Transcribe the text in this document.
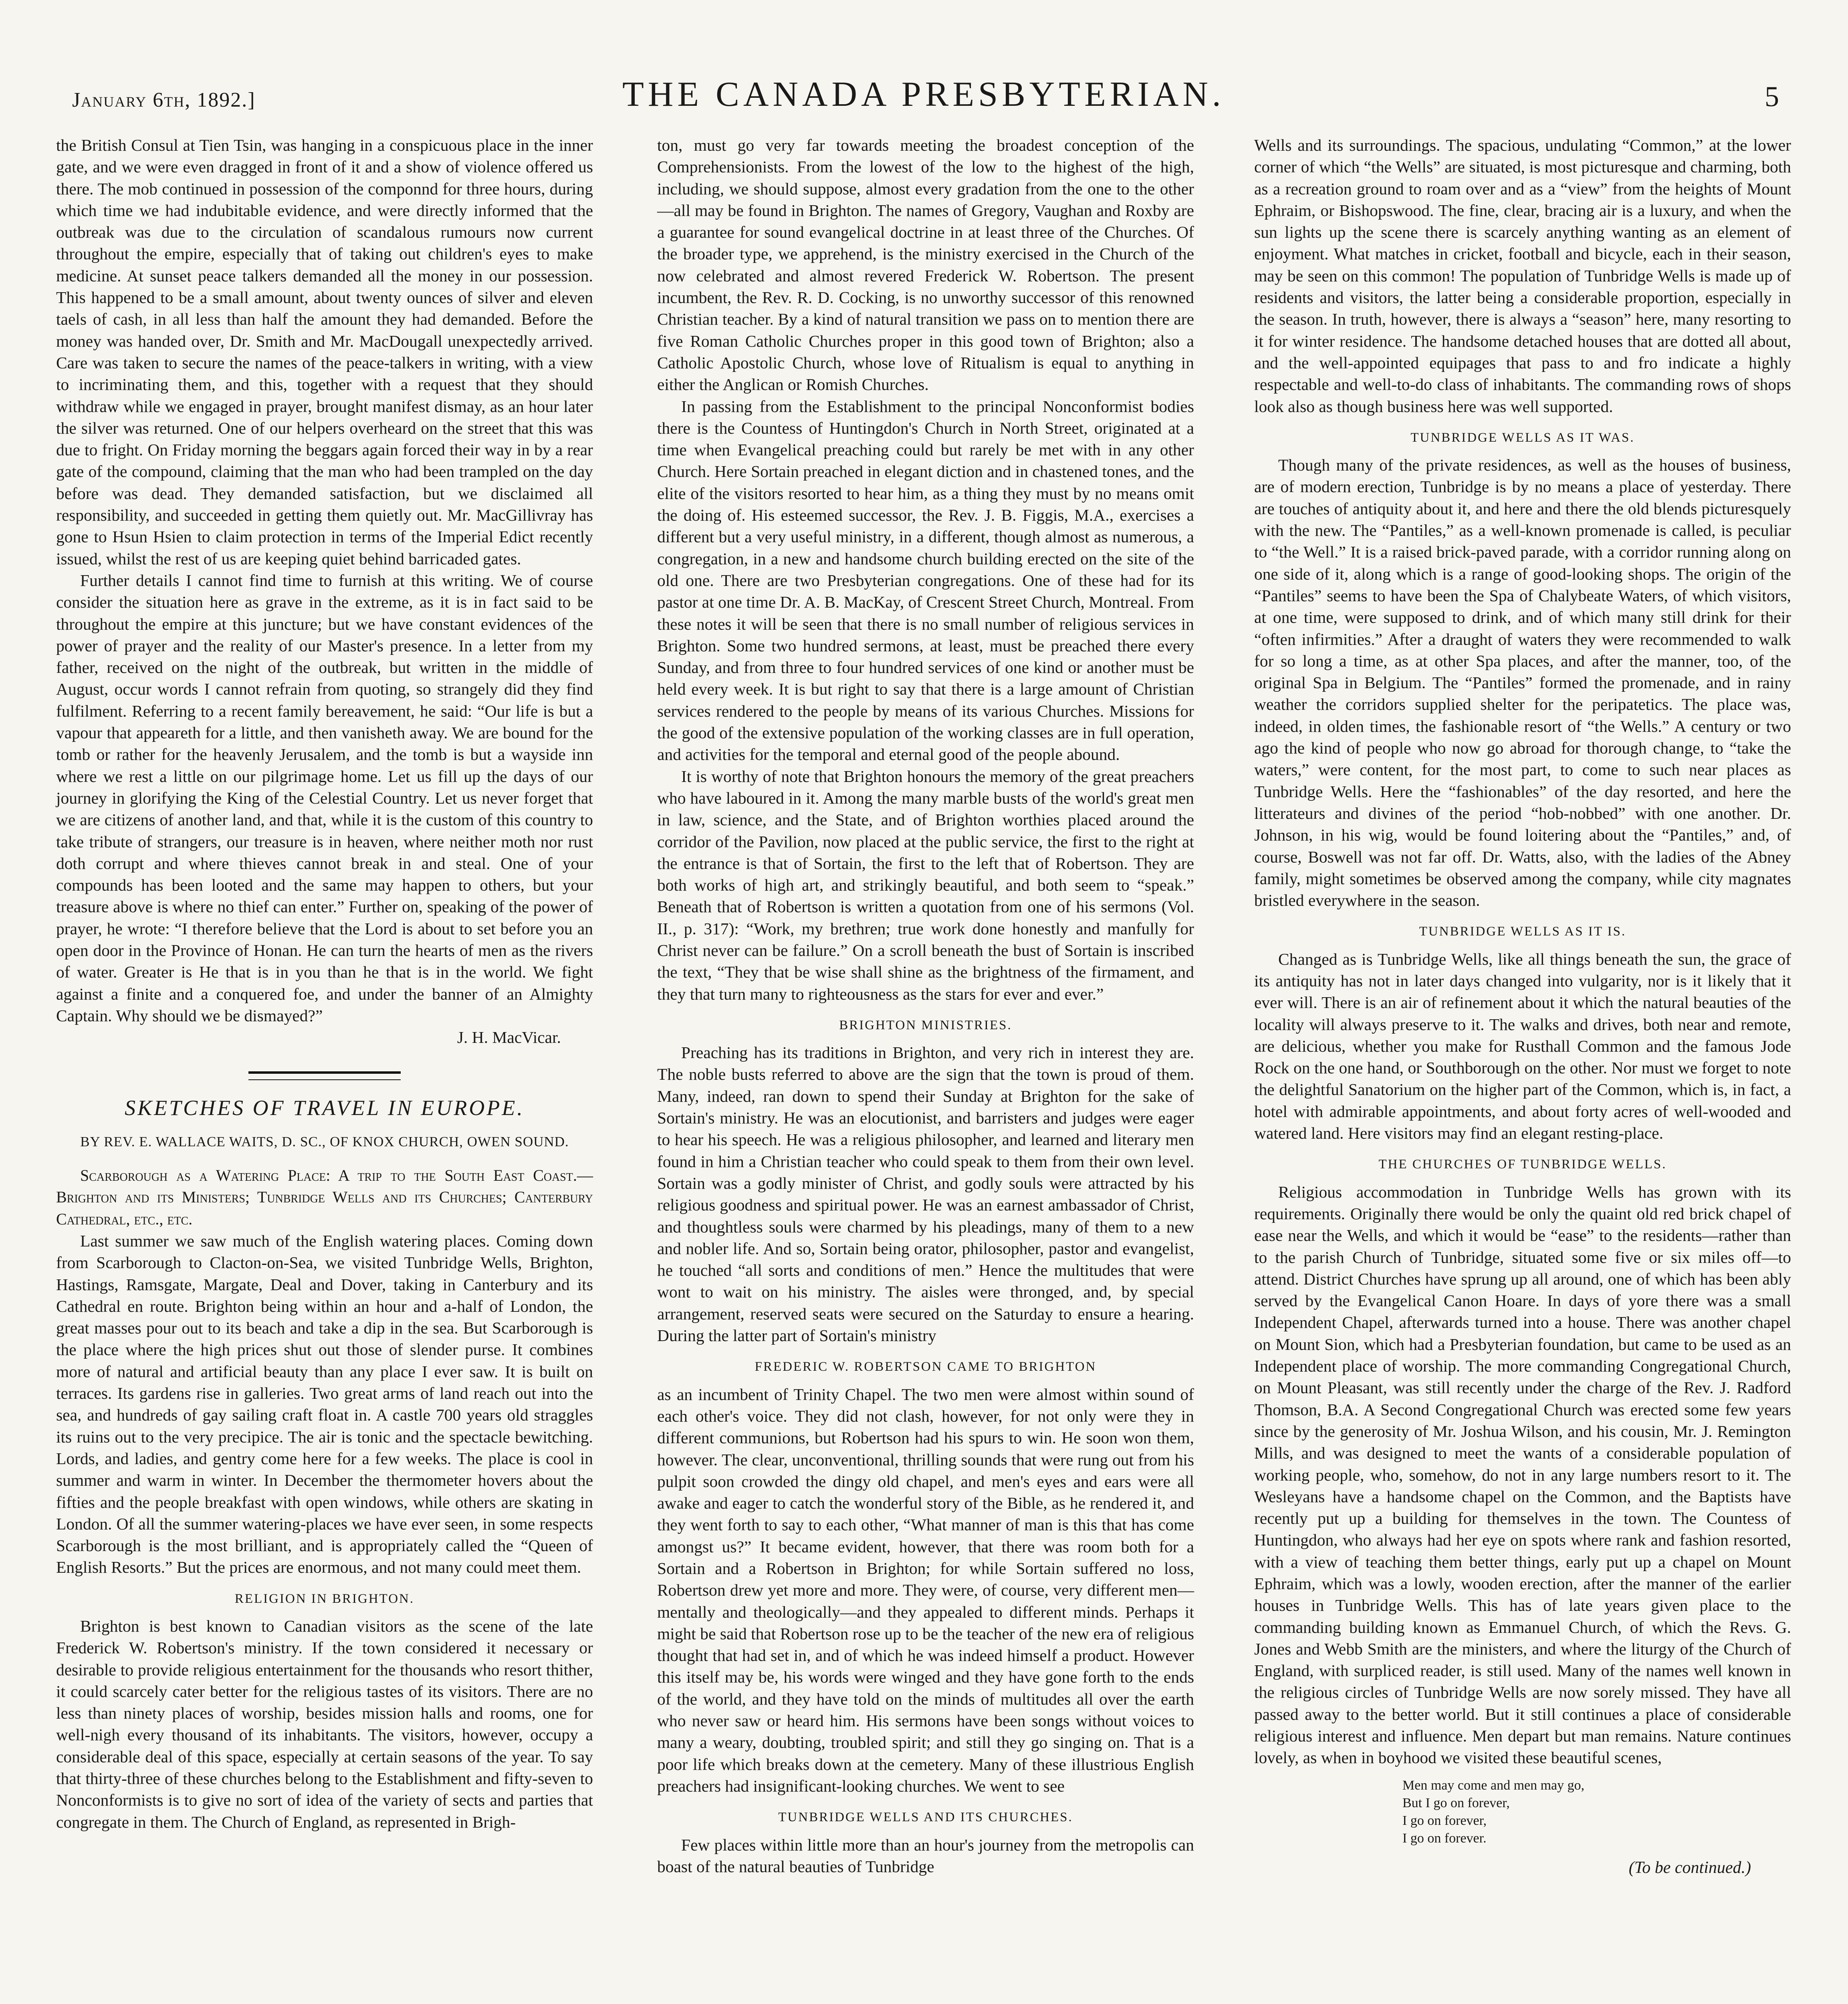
January 6th, 1892.]	THE CANADA PRESBYTERIAN.	5

the British Consul at Tien Tsin, was hanging in a conspicuous place in the inner gate, and we were even dragged in front of it and a show of violence offered us there. The mob continued in possession of the componnd for three hours, during which time we had indubitable evidence, and were directly informed that the outbreak was due to the circulation of scandalous rumours now current throughout the empire, especially that of taking out children's eyes to make medicine. At sunset peace talkers demanded all the money in our possession. This happened to be a small amount, about twenty ounces of silver and eleven taels of cash, in all less than half the amount they had demanded. Before the money was handed over, Dr. Smith and Mr. MacDougall unexpectedly arrived. Care was taken to secure the names of the peace-talkers in writing, with a view to incriminating them, and this, together with a request that they should withdraw while we engaged in prayer, brought manifest dismay, as an hour later the silver was returned. One of our helpers overheard on the street that this was due to fright. On Friday morning the beggars again forced their way in by a rear gate of the compound, claiming that the man who had been trampled on the day before was dead. They demanded satisfaction, but we disclaimed all responsibility, and succeeded in getting them quietly out. Mr. MacGillivray has gone to Hsun Hsien to claim protection in terms of the Imperial Edict recently issued, whilst the rest of us are keeping quiet behind barricaded gates.

Further details I cannot find time to furnish at this writing. We of course consider the situation here as grave in the extreme, as it is in fact said to be throughout the empire at this juncture; but we have constant evidences of the power of prayer and the reality of our Master's presence. In a letter from my father, received on the night of the outbreak, but written in the middle of August, occur words I cannot refrain from quoting, so strangely did they find fulfilment. Referring to a recent family bereavement, he said: “Our life is but a vapour that appeareth for a little, and then vanisheth away. We are bound for the tomb or rather for the heavenly Jerusalem, and the tomb is but a wayside inn where we rest a little on our pilgrimage home. Let us fill up the days of our journey in glorifying the King of the Celestial Country. Let us never forget that we are citizens of another land, and that, while it is the custom of this country to take tribute of strangers, our treasure is in heaven, where neither moth nor rust doth corrupt and where thieves cannot break in and steal. One of your compounds has been looted and the same may happen to others, but your treasure above is where no thief can enter.” Further on, speaking of the power of prayer, he wrote: “I therefore believe that the Lord is about to set before you an open door in the Province of Honan. He can turn the hearts of men as the rivers of water. Greater is He that is in you than he that is in the world. We fight against a finite and a conquered foe, and under the banner of an Almighty Captain. Why should we be dismayed?”

J. H. MacVicar.

SKETCHES OF TRAVEL IN EUROPE.
BY REV. E. WALLACE WAITS, D. SC., OF KNOX CHURCH, OWEN SOUND.

Scarborough as a Watering Place: A trip to the South East Coast.—Brighton and its Ministers; Tunbridge Wells and its Churches; Canterbury Cathedral, etc., etc.

Last summer we saw much of the English watering places. Coming down from Scarborough to Clacton-on-Sea, we visited Tunbridge Wells, Brighton, Hastings, Ramsgate, Margate, Deal and Dover, taking in Canterbury and its Cathedral en route. Brighton being within an hour and a-half of London, the great masses pour out to its beach and take a dip in the sea. But Scarborough is the place where the high prices shut out those of slender purse. It combines more of natural and artificial beauty than any place I ever saw. It is built on terraces. Its gardens rise in galleries. Two great arms of land reach out into the sea, and hundreds of gay sailing craft float in. A castle 700 years old straggles its ruins out to the very precipice. The air is tonic and the spectacle bewitching. Lords, and ladies, and gentry come here for a few weeks. The place is cool in summer and warm in winter. In December the thermometer hovers about the fifties and the people breakfast with open windows, while others are skating in London. Of all the summer watering-places we have ever seen, in some respects Scarborough is the most brilliant, and is appropriately called the “Queen of English Resorts.” But the prices are enormous, and not many could meet them.

RELIGION IN BRIGHTON.

Brighton is best known to Canadian visitors as the scene of the late Frederick W. Robertson's ministry. If the town considered it necessary or desirable to provide religious entertainment for the thousands who resort thither, it could scarcely cater better for the religious tastes of its visitors. There are no less than ninety places of worship, besides mission halls and rooms, one for well-nigh every thousand of its inhabitants. The visitors, however, occupy a considerable deal of this space, especially at certain seasons of the year. To say that thirty-three of these churches belong to the Establishment and fifty-seven to Nonconformists is to give no sort of idea of the variety of sects and parties that congregate in them. The Church of England, as represented in Brigh-

ton, must go very far towards meeting the broadest conception of the Comprehensionists. From the lowest of the low to the highest of the high, including, we should suppose, almost every gradation from the one to the other—all may be found in Brighton. The names of Gregory, Vaughan and Roxby are a guarantee for sound evangelical doctrine in at least three of the Churches. Of the broader type, we apprehend, is the ministry exercised in the Church of the now celebrated and almost revered Frederick W. Robertson. The present incumbent, the Rev. R. D. Cocking, is no unworthy successor of this renowned Christian teacher. By a kind of natural transition we pass on to mention there are five Roman Catholic Churches proper in this good town of Brighton; also a Catholic Apostolic Church, whose love of Ritualism is equal to anything in either the Anglican or Romish Churches.

In passing from the Establishment to the principal Nonconformist bodies there is the Countess of Huntingdon's Church in North Street, originated at a time when Evangelical preaching could but rarely be met with in any other Church. Here Sortain preached in elegant diction and in chastened tones, and the elite of the visitors resorted to hear him, as a thing they must by no means omit the doing of. His esteemed successor, the Rev. J. B. Figgis, M.A., exercises a different but a very useful ministry, in a different, though almost as numerous, a congregation, in a new and handsome church building erected on the site of the old one. There are two Presbyterian congregations. One of these had for its pastor at one time Dr. A. B. MacKay, of Crescent Street Church, Montreal. From these notes it will be seen that there is no small number of religious services in Brighton. Some two hundred sermons, at least, must be preached there every Sunday, and from three to four hundred services of one kind or another must be held every week. It is but right to say that there is a large amount of Christian services rendered to the people by means of its various Churches. Missions for the good of the extensive population of the working classes are in full operation, and activities for the temporal and eternal good of the people abound.

It is worthy of note that Brighton honours the memory of the great preachers who have laboured in it. Among the many marble busts of the world's great men in law, science, and the State, and of Brighton worthies placed around the corridor of the Pavilion, now placed at the public service, the first to the right at the entrance is that of Sortain, the first to the left that of Robertson. They are both works of high art, and strikingly beautiful, and both seem to “speak.” Beneath that of Robertson is written a quotation from one of his sermons (Vol. II., p. 317): “Work, my brethren; true work done honestly and manfully for Christ never can be failure.” On a scroll beneath the bust of Sortain is inscribed the text, “They that be wise shall shine as the brightness of the firmament, and they that turn many to righteousness as the stars for ever and ever.”

BRIGHTON MINISTRIES.

Preaching has its traditions in Brighton, and very rich in interest they are. The noble busts referred to above are the sign that the town is proud of them. Many, indeed, ran down to spend their Sunday at Brighton for the sake of Sortain's ministry. He was an elocutionist, and barristers and judges were eager to hear his speech. He was a religious philosopher, and learned and literary men found in him a Christian teacher who could speak to them from their own level. Sortain was a godly minister of Christ, and godly souls were attracted by his religious goodness and spiritual power. He was an earnest ambassador of Christ, and thoughtless souls were charmed by his pleadings, many of them to a new and nobler life. And so, Sortain being orator, philosopher, pastor and evangelist, he touched “all sorts and conditions of men.” Hence the multitudes that were wont to wait on his ministry. The aisles were thronged, and, by special arrangement, reserved seats were secured on the Saturday to ensure a hearing. During the latter part of Sortain's ministry

FREDERIC W. ROBERTSON CAME TO BRIGHTON

as an incumbent of Trinity Chapel. The two men were almost within sound of each other's voice. They did not clash, however, for not only were they in different communions, but Robertson had his spurs to win. He soon won them, however. The clear, unconventional, thrilling sounds that were rung out from his pulpit soon crowded the dingy old chapel, and men's eyes and ears were all awake and eager to catch the wonderful story of the Bible, as he rendered it, and they went forth to say to each other, “What manner of man is this that has come amongst us?” It became evident, however, that there was room both for a Sortain and a Robertson in Brighton; for while Sortain suffered no loss, Robertson drew yet more and more. They were, of course, very different men—mentally and theologically—and they appealed to different minds. Perhaps it might be said that Robertson rose up to be the teacher of the new era of religious thought that had set in, and of which he was indeed himself a product. However this itself may be, his words were winged and they have gone forth to the ends of the world, and they have told on the minds of multitudes all over the earth who never saw or heard him. His sermons have been songs without voices to many a weary, doubting, troubled spirit; and still they go singing on. That is a poor life which breaks down at the cemetery. Many of these illustrious English preachers had insignificant-looking churches. We went to see

TUNBRIDGE WELLS AND ITS CHURCHES.

Few places within little more than an hour's journey from the metropolis can boast of the natural beauties of Tunbridge

Wells and its surroundings. The spacious, undulating “Common,” at the lower corner of which “the Wells” are situated, is most picturesque and charming, both as a recreation ground to roam over and as a “view” from the heights of Mount Ephraim, or Bishopswood. The fine, clear, bracing air is a luxury, and when the sun lights up the scene there is scarcely anything wanting as an element of enjoyment. What matches in cricket, football and bicycle, each in their season, may be seen on this common! The population of Tunbridge Wells is made up of residents and visitors, the latter being a considerable proportion, especially in the season. In truth, however, there is always a “season” here, many resorting to it for winter residence. The handsome detached houses that are dotted all about, and the well-appointed equipages that pass to and fro indicate a highly respectable and well-to-do class of inhabitants. The commanding rows of shops look also as though business here was well supported.

TUNBRIDGE WELLS AS IT WAS.

Though many of the private residences, as well as the houses of business, are of modern erection, Tunbridge is by no means a place of yesterday. There are touches of antiquity about it, and here and there the old blends picturesquely with the new. The “Pantiles,” as a well-known promenade is called, is peculiar to “the Well.” It is a raised brick-paved parade, with a corridor running along on one side of it, along which is a range of good-looking shops. The origin of the “Pantiles” seems to have been the Spa of Chalybeate Waters, of which visitors, at one time, were supposed to drink, and of which many still drink for their “often infirmities.” After a draught of waters they were recommended to walk for so long a time, as at other Spa places, and after the manner, too, of the original Spa in Belgium. The “Pantiles” formed the promenade, and in rainy weather the corridors supplied shelter for the peripatetics. The place was, indeed, in olden times, the fashionable resort of “the Wells.” A century or two ago the kind of people who now go abroad for thorough change, to “take the waters,” were content, for the most part, to come to such near places as Tunbridge Wells. Here the “fashionables” of the day resorted, and here the litterateurs and divines of the period “hob-nobbed” with one another. Dr. Johnson, in his wig, would be found loitering about the “Pantiles,” and, of course, Boswell was not far off. Dr. Watts, also, with the ladies of the Abney family, might sometimes be observed among the company, while city magnates bristled everywhere in the season.

TUNBRIDGE WELLS AS IT IS.

Changed as is Tunbridge Wells, like all things beneath the sun, the grace of its antiquity has not in later days changed into vulgarity, nor is it likely that it ever will. There is an air of refinement about it which the natural beauties of the locality will always preserve to it. The walks and drives, both near and remote, are delicious, whether you make for Rusthall Common and the famous Jode Rock on the one hand, or Southborough on the other. Nor must we forget to note the delightful Sanatorium on the higher part of the Common, which is, in fact, a hotel with admirable appointments, and about forty acres of well-wooded and watered land. Here visitors may find an elegant resting-place.

THE CHURCHES OF TUNBRIDGE WELLS.

Religious accommodation in Tunbridge Wells has grown with its requirements. Originally there would be only the quaint old red brick chapel of ease near the Wells, and which it would be “ease” to the residents—rather than to the parish Church of Tunbridge, situated some five or six miles off—to attend. District Churches have sprung up all around, one of which has been ably served by the Evangelical Canon Hoare. In days of yore there was a small Independent Chapel, afterwards turned into a house. There was another chapel on Mount Sion, which had a Presbyterian foundation, but came to be used as an Independent place of worship. The more commanding Congregational Church, on Mount Pleasant, was still recently under the charge of the Rev. J. Radford Thomson, B.A. A Second Congregational Church was erected some few years since by the generosity of Mr. Joshua Wilson, and his cousin, Mr. J. Remington Mills, and was designed to meet the wants of a considerable population of working people, who, somehow, do not in any large numbers resort to it. The Wesleyans have a handsome chapel on the Common, and the Baptists have recently put up a building for themselves in the town. The Countess of Huntingdon, who always had her eye on spots where rank and fashion resorted, with a view of teaching them better things, early put up a chapel on Mount Ephraim, which was a lowly, wooden erection, after the manner of the earlier houses in Tunbridge Wells. This has of late years given place to the commanding building known as Emmanuel Church, of which the Revs. G. Jones and Webb Smith are the ministers, and where the liturgy of the Church of England, with surpliced reader, is still used. Many of the names well known in the religious circles of Tunbridge Wells are now sorely missed. They have all passed away to the better world. But it still continues a place of considerable religious interest and influence. Men depart but man remains. Nature continues lovely, as when in boyhood we visited these beautiful scenes,

Men may come and men may go,
But I go on forever,
I go on forever,
I go on forever.
(To be continued.)
